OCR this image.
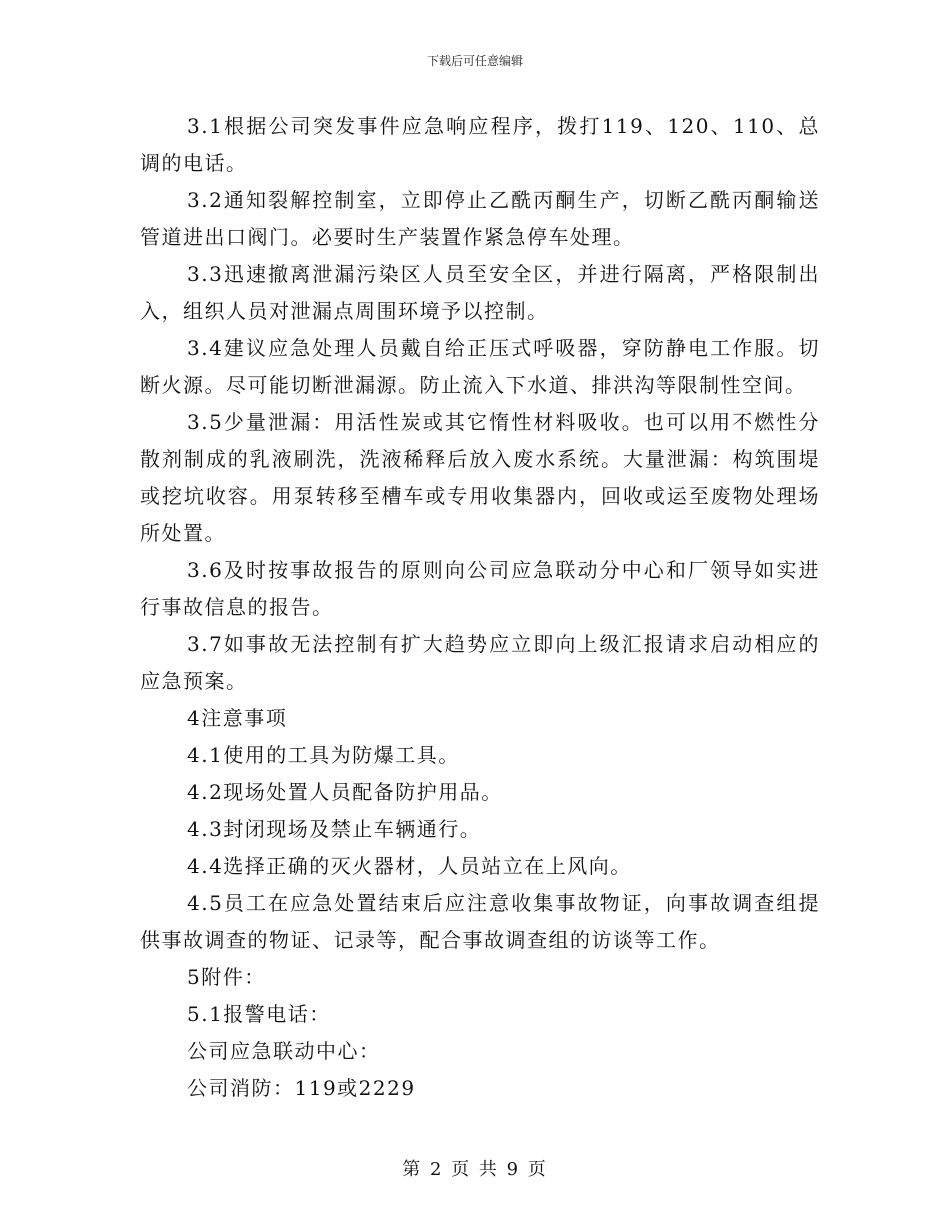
下载后可任意编辑

3.1根据公司突发事件应急响应程序，拨打119、120、110、总调的电话。

3.2通知裂解控制室，立即停止乙酰丙酮生产，切断乙酰丙酮输送管道进出口阀门。必要时生产装置作紧急停车处理。

3.3迅速撤离泄漏污染区人员至安全区，并进行隔离，严格限制出入，组织人员对泄漏点周围环境予以控制。

3.4建议应急处理人员戴自给正压式呼吸器，穿防静电工作服。切断火源。尽可能切断泄漏源。防止流入下水道、排洪沟等限制性空间。

3.5少量泄漏：用活性炭或其它惰性材料吸收。也可以用不燃性分散剂制成的乳液刷洗，洗液稀释后放入废水系统。大量泄漏：构筑围堤或挖坑收容。用泵转移至槽车或专用收集器内，回收或运至废物处理场所处置。

3.6及时按事故报告的原则向公司应急联动分中心和厂领导如实进行事故信息的报告。

3.7如事故无法控制有扩大趋势应立即向上级汇报请求启动相应的应急预案。

4注意事项

4.1使用的工具为防爆工具。

4.2现场处置人员配备防护用品。

4.3封闭现场及禁止车辆通行。

4.4选择正确的灭火器材，人员站立在上风向。

4.5员工在应急处置结束后应注意收集事故物证，向事故调查组提供事故调查的物证、记录等，配合事故调查组的访谈等工作。

5附件：

5.1报警电话：

公司应急联动中心：

公司消防：119或2229

第 2 页 共 9 页
